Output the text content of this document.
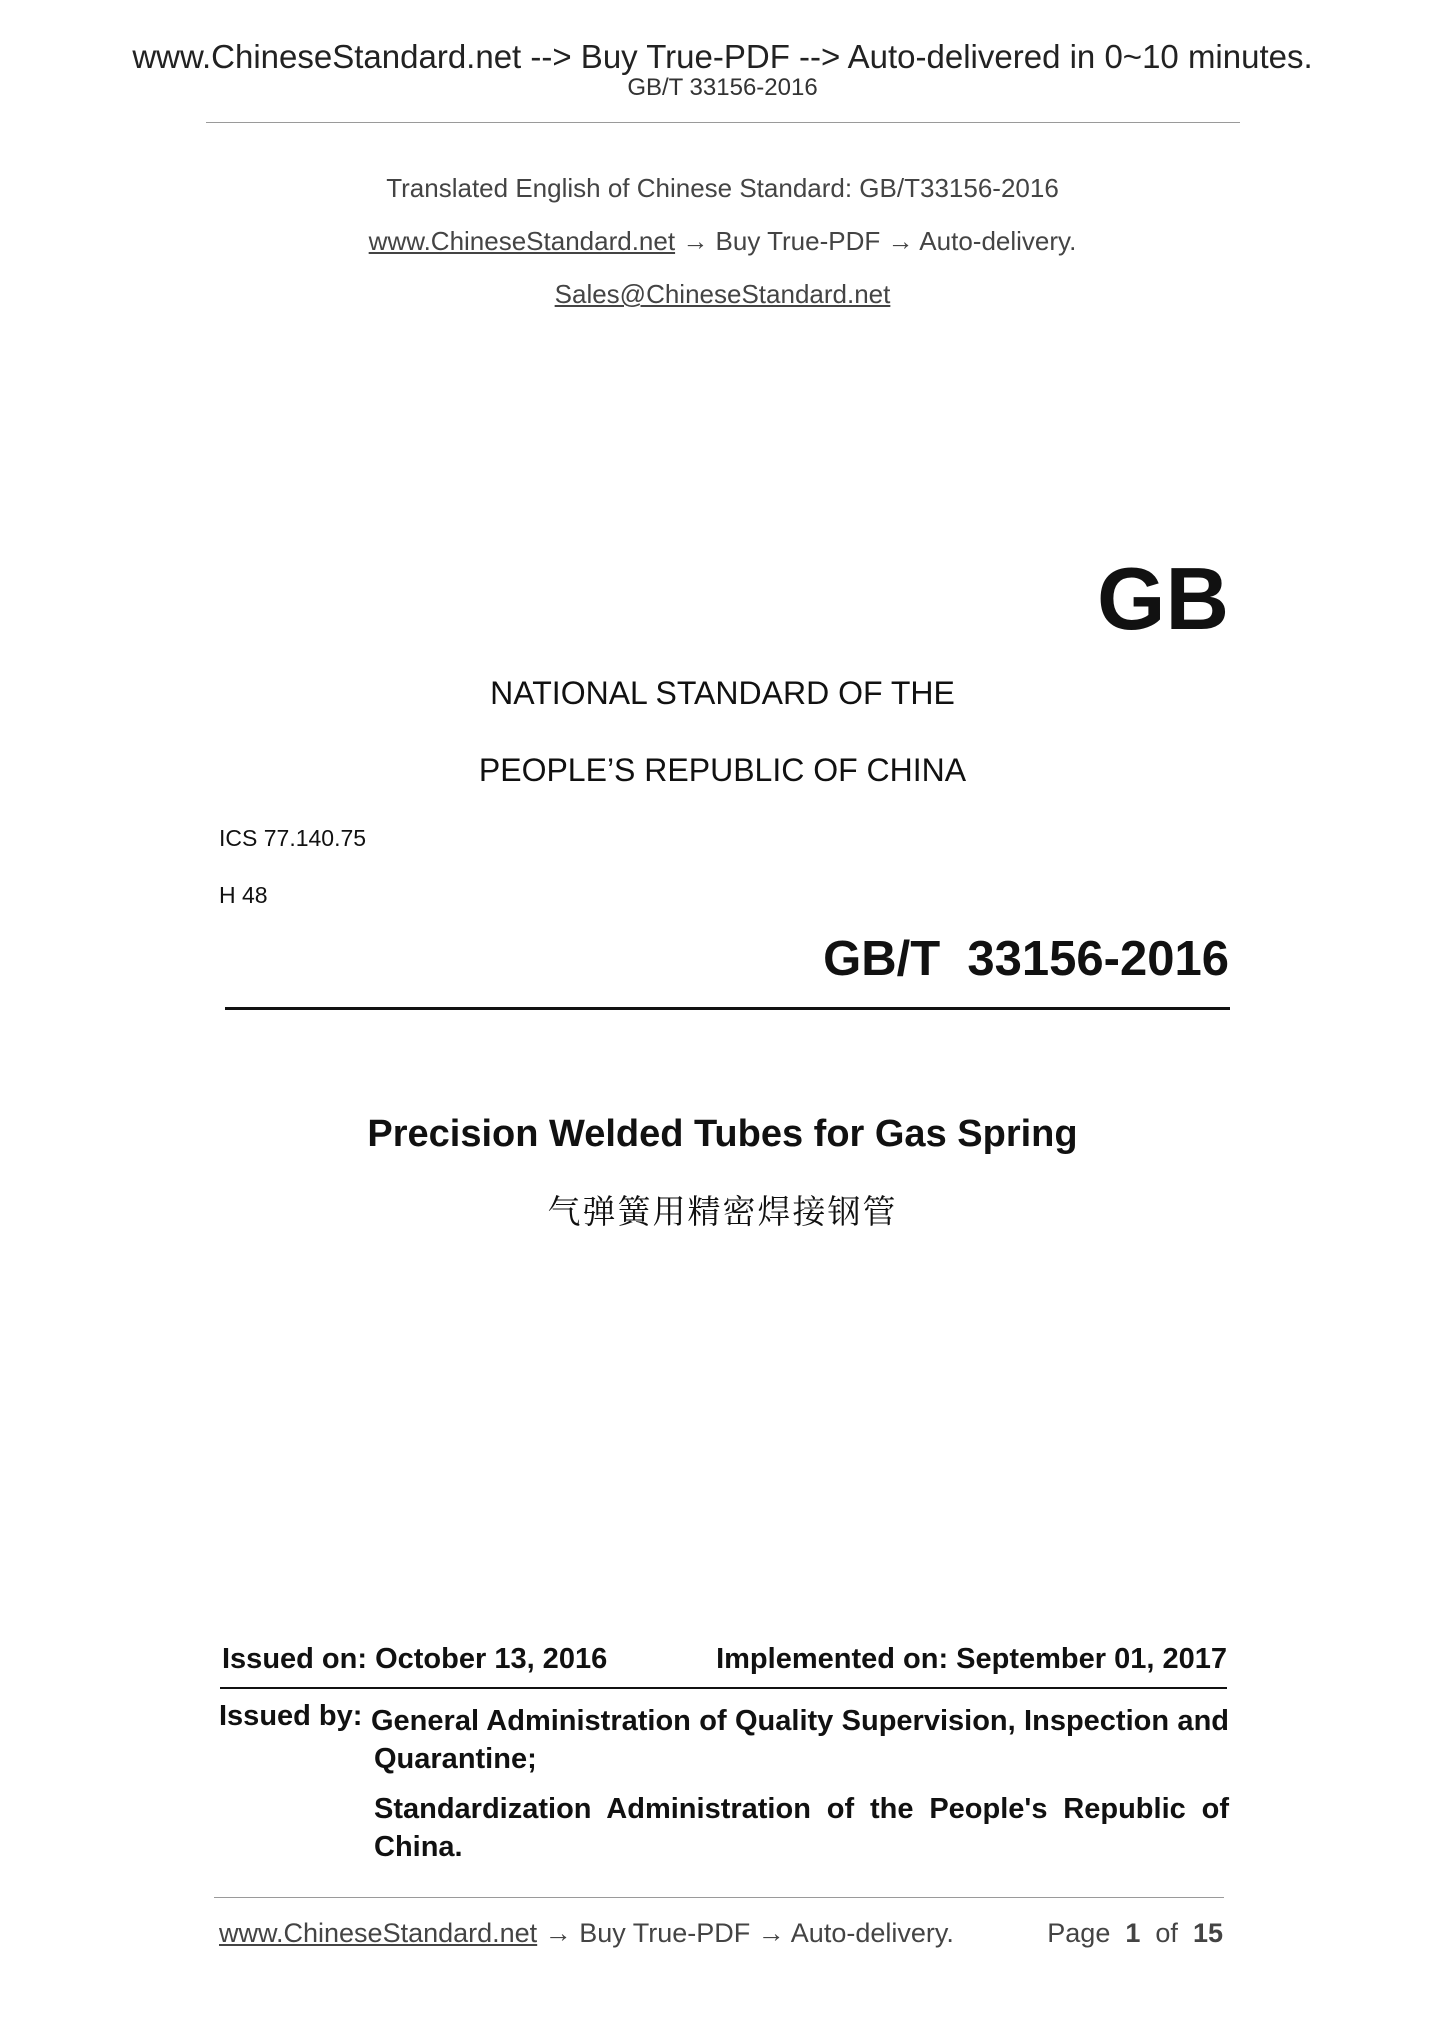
www.ChineseStandard.net --> Buy True-PDF --> Auto-delivered in 0~10 minutes.
GB/T 33156-2016
Translated English of Chinese Standard: GB/T33156-2016
www.ChineseStandard.net → Buy True-PDF → Auto-delivery.
Sales@ChineseStandard.net
GB
NATIONAL STANDARD OF THE
PEOPLE’S REPUBLIC OF CHINA
ICS 77.140.75
H 48
GB/T  33156-2016
Precision Welded Tubes for Gas Spring
气弹簧用精密焊接钢管
Issued on: October 13, 2016	Implemented on: September 01, 2017
Issued by: General Administration of Quality Supervision, Inspection and
Quarantine;
Standardization Administration of the People's Republic of China.
www.ChineseStandard.net → Buy True-PDF → Auto-delivery.	Page 1 of 15
